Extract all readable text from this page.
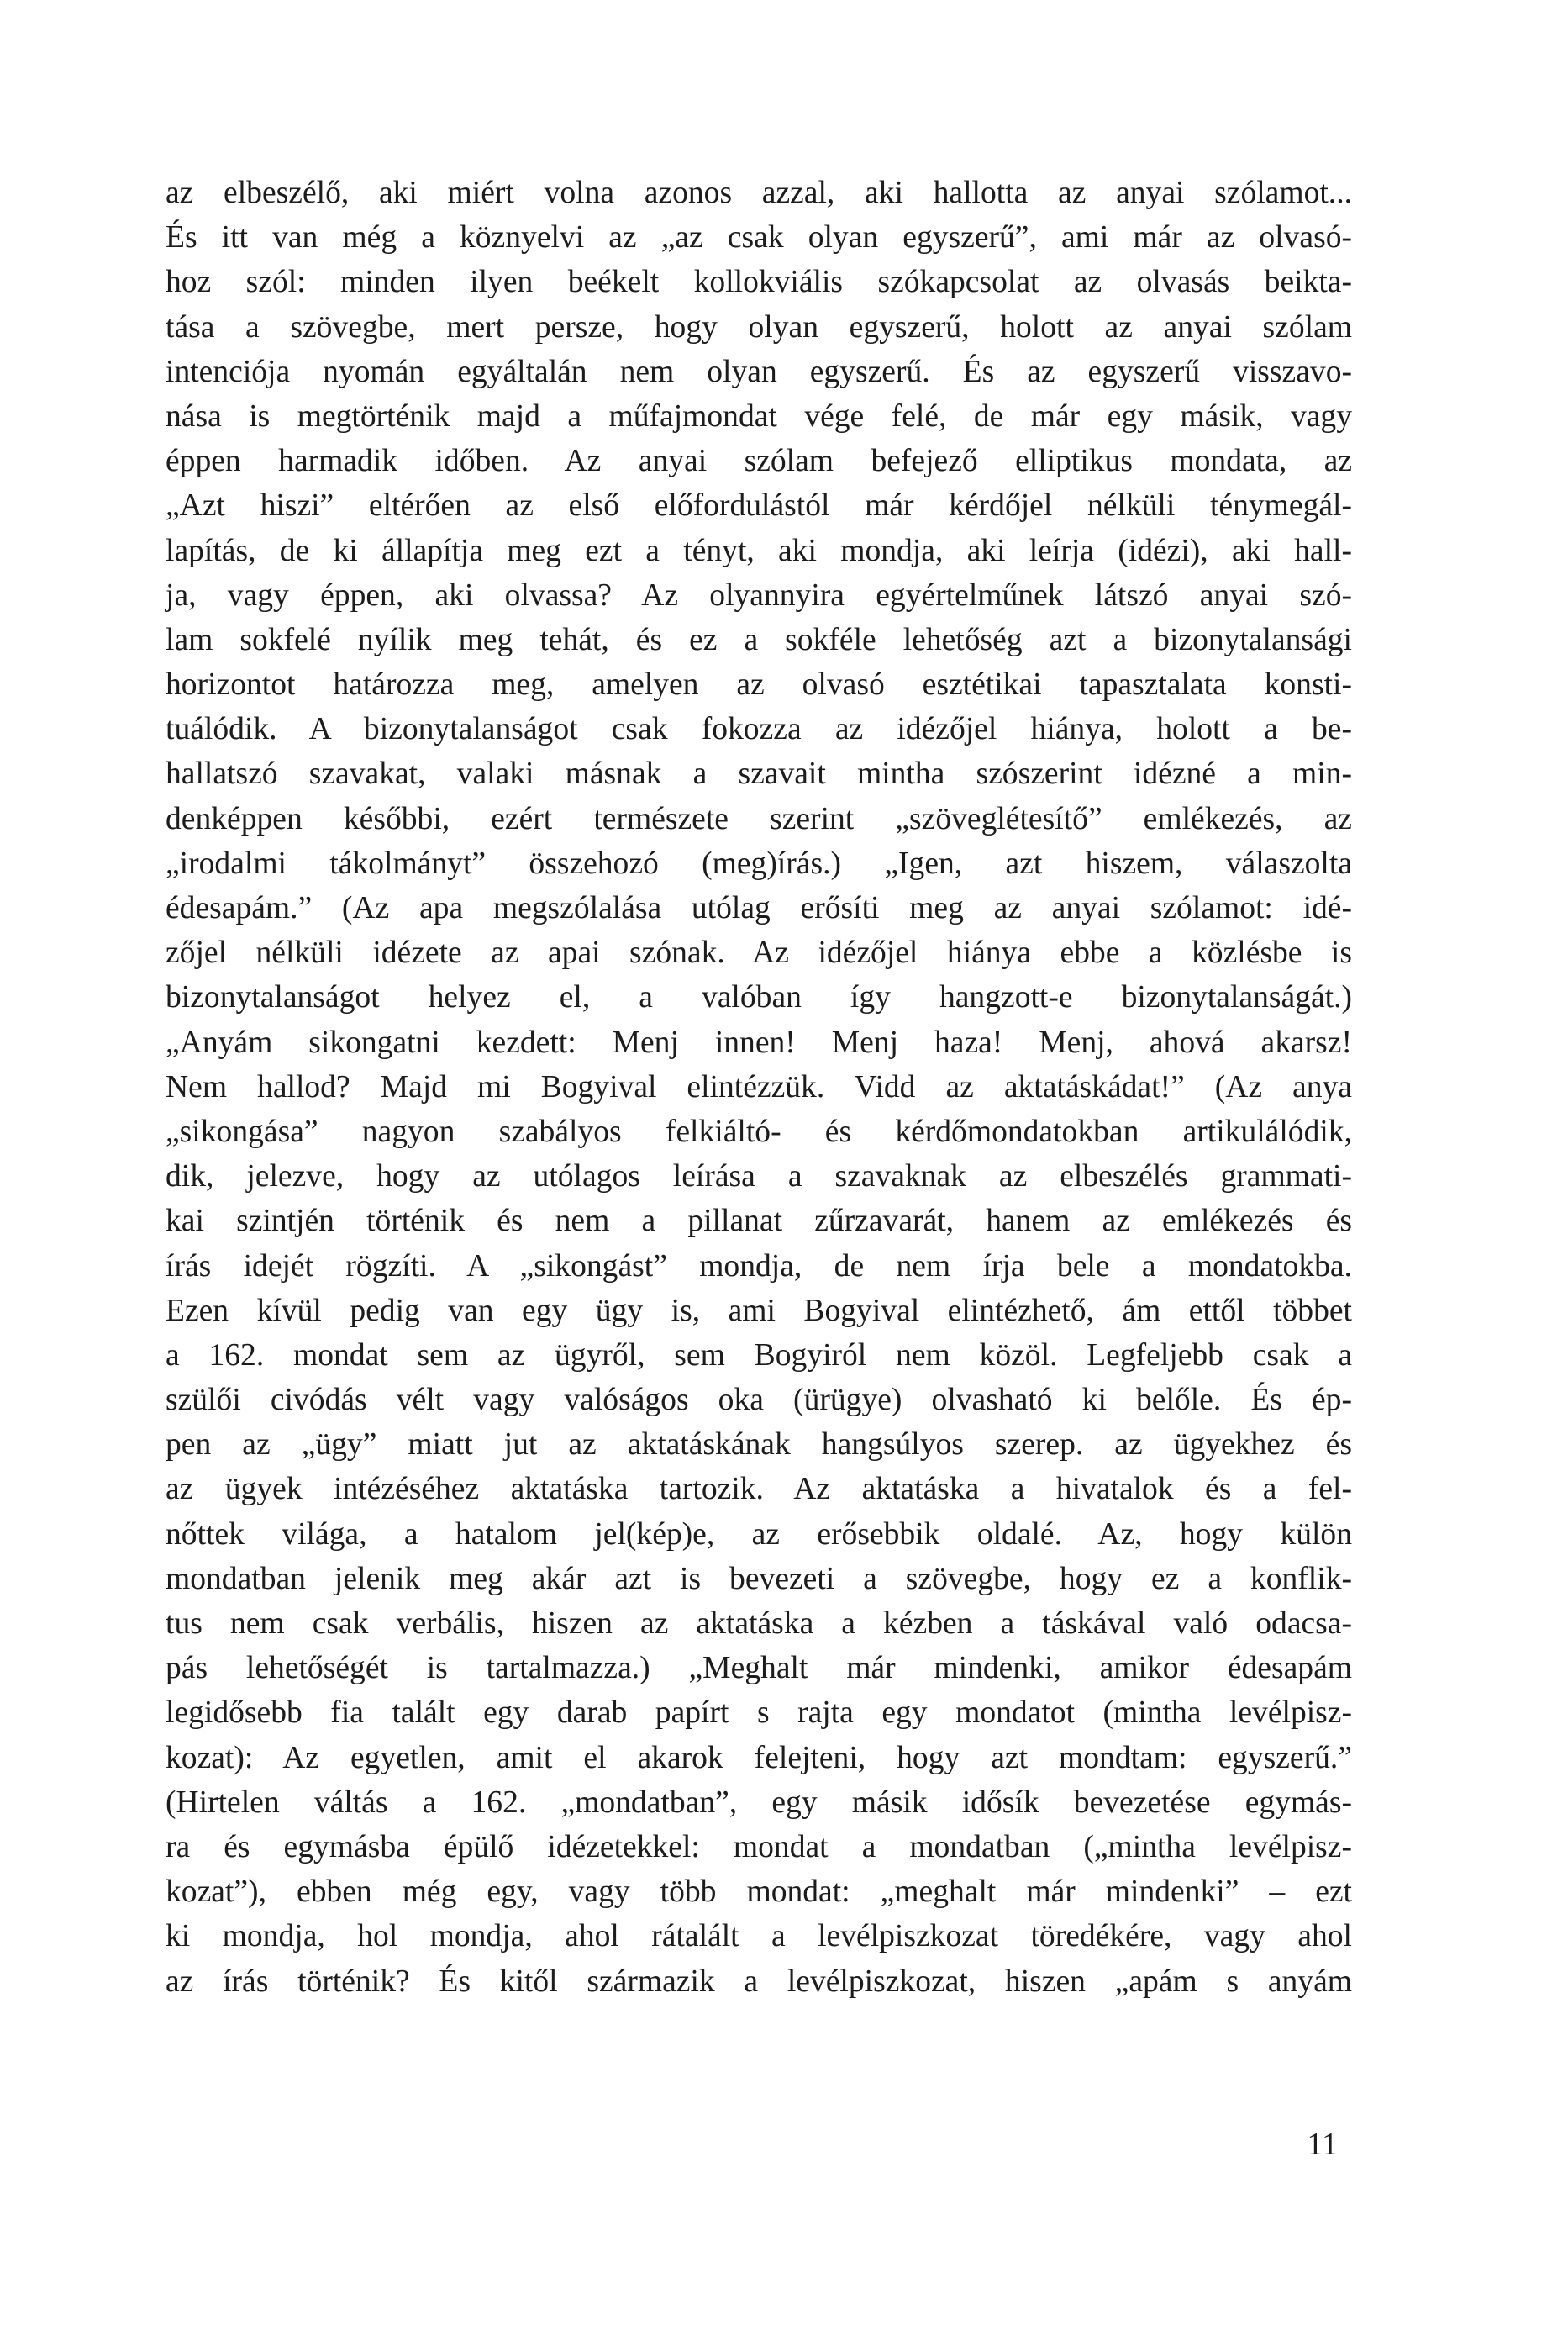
az elbeszélő, aki miért volna azonos azzal, aki hallotta az anyai szólamot...
És itt van még a köznyelvi az „az csak olyan egyszerű”, ami már az olvasó-
hoz szól: minden ilyen beékelt kollokviális szókapcsolat az olvasás beikta-
tása a szövegbe, mert persze, hogy olyan egyszerű, holott az anyai szólam
intenciója nyomán egyáltalán nem olyan egyszerű. És az egyszerű visszavo-
nása is megtörténik majd a műfajmondat vége felé, de már egy másik, vagy
éppen harmadik időben. Az anyai szólam befejező elliptikus mondata, az
„Azt hiszi” eltérően az első előfordulástól már kérdőjel nélküli ténymegál-
lapítás, de ki állapítja meg ezt a tényt, aki mondja, aki leírja (idézi), aki hall-
ja, vagy éppen, aki olvassa? Az olyannyira egyértelműnek látszó anyai szó-
lam sokfelé nyílik meg tehát, és ez a sokféle lehetőség azt a bizonytalansági
horizontot határozza meg, amelyen az olvasó esztétikai tapasztalata konsti-
tuálódik. A bizonytalanságot csak fokozza az idézőjel hiánya, holott a be-
hallatszó szavakat, valaki másnak a szavait mintha szószerint idézné a min-
denképpen későbbi, ezért természete szerint „szöveglétesítő” emlékezés, az
„irodalmi tákolmányt” összehozó (meg)írás.) „Igen, azt hiszem, válaszolta
édesapám.” (Az apa megszólalása utólag erősíti meg az anyai szólamot: idé-
zőjel nélküli idézete az apai szónak. Az idézőjel hiánya ebbe a közlésbe is
bizonytalanságot helyez el, a valóban így hangzott-e bizonytalanságát.)
„Anyám sikongatni kezdett: Menj innen! Menj haza! Menj, ahová akarsz!
Nem hallod? Majd mi Bogyival elintézzük. Vidd az aktatáskádat!” (Az anya
„sikongása” nagyon szabályos felkiáltó- és kérdőmondatokban artikulálódik,
dik, jelezve, hogy az utólagos leírása a szavaknak az elbeszélés grammati-
kai szintjén történik és nem a pillanat zűrzavarát, hanem az emlékezés és
írás idejét rögzíti. A „sikongást” mondja, de nem írja bele a mondatokba.
Ezen kívül pedig van egy ügy is, ami Bogyival elintézhető, ám ettől többet
a 162. mondat sem az ügyről, sem Bogyiról nem közöl. Legfeljebb csak a
szülői civódás vélt vagy valóságos oka (ürügye) olvasható ki belőle. És ép-
pen az „ügy” miatt jut az aktatáskának hangsúlyos szerep. az ügyekhez és
az ügyek intézéséhez aktatáska tartozik. Az aktatáska a hivatalok és a fel-
nőttek világa, a hatalom jel(kép)e, az erősebbik oldalé. Az, hogy külön
mondatban jelenik meg akár azt is bevezeti a szövegbe, hogy ez a konflik-
tus nem csak verbális, hiszen az aktatáska a kézben a táskával való odacsa-
pás lehetőségét is tartalmazza.) „Meghalt már mindenki, amikor édesapám
legidősebb fia talált egy darab papírt s rajta egy mondatot (mintha levélpisz-
kozat): Az egyetlen, amit el akarok felejteni, hogy azt mondtam: egyszerű.”
(Hirtelen váltás a 162. „mondatban”, egy másik idősík bevezetése egymás-
ra és egymásba épülő idézetekkel: mondat a mondatban („mintha levélpisz-
kozat”), ebben még egy, vagy több mondat: „meghalt már mindenki” – ezt
ki mondja, hol mondja, ahol rátalált a levélpiszkozat töredékére, vagy ahol
az írás történik? És kitől származik a levélpiszkozat, hiszen „apám s anyám
11
